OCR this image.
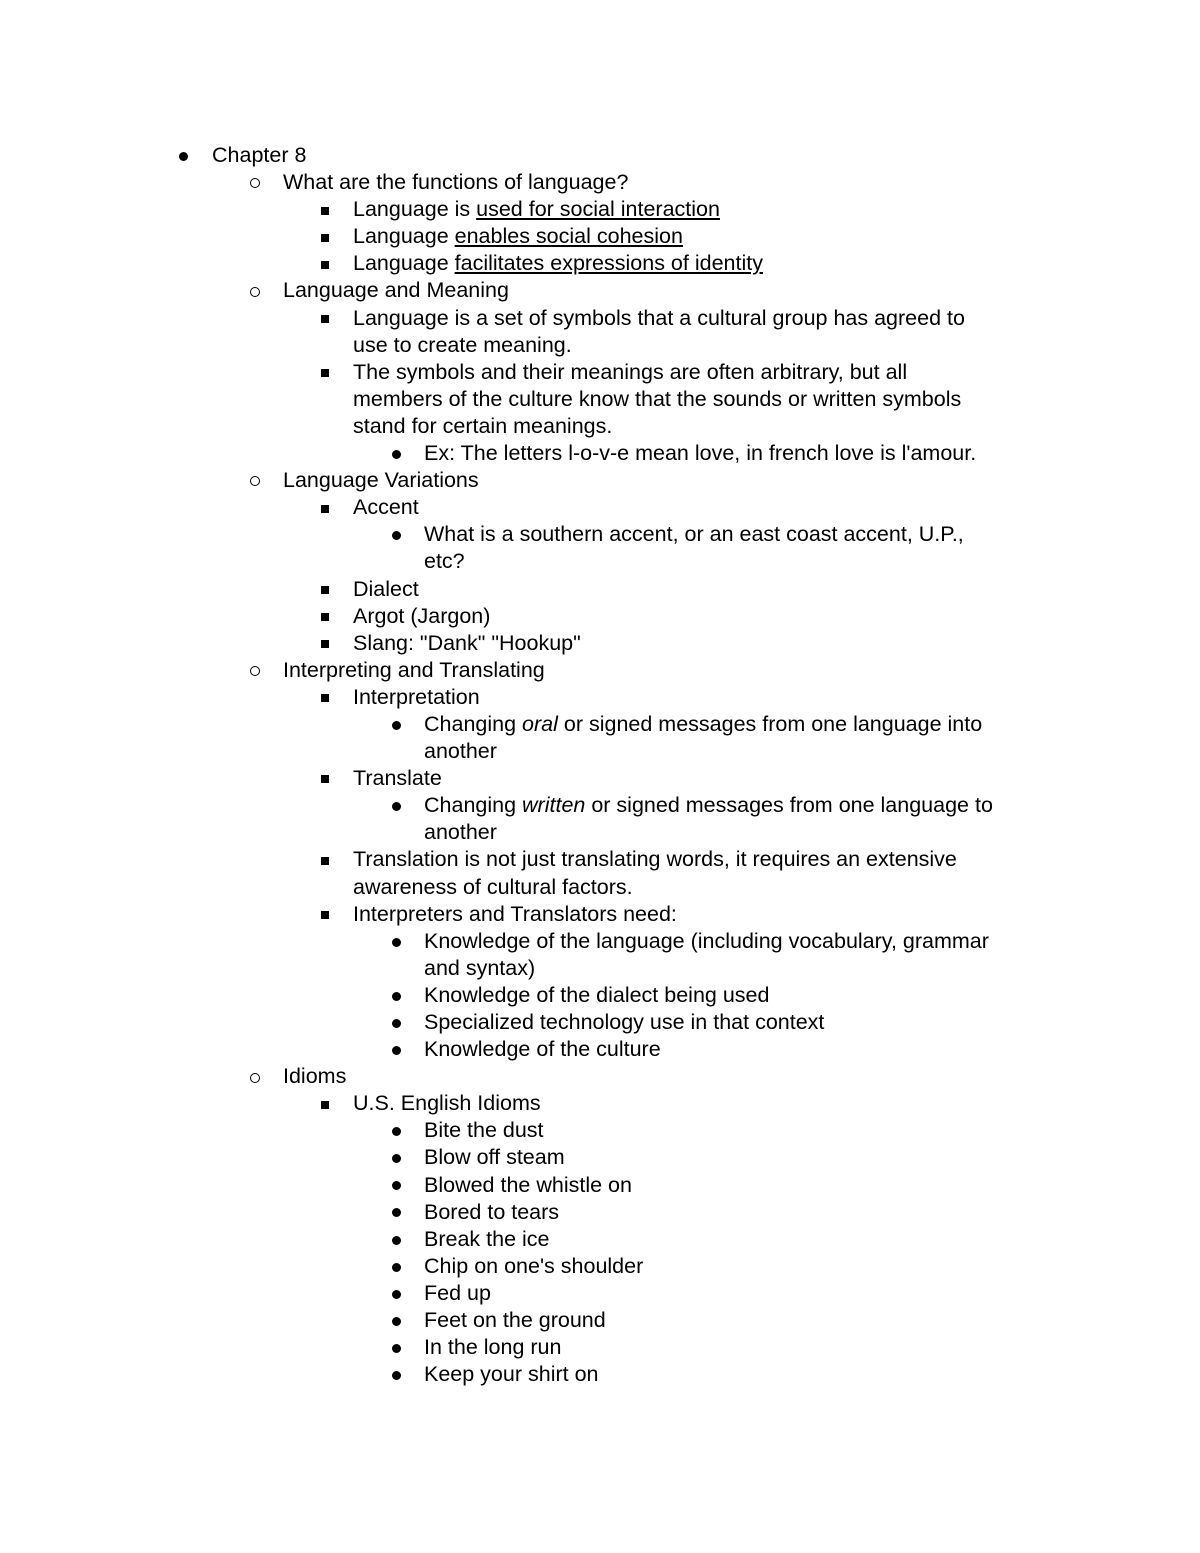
Chapter 8
What are the functions of language?
Language is used for social interaction
Language enables social cohesion
Language facilitates expressions of identity
Language and Meaning
Language is a set of symbols that a cultural group has agreed to
use to create meaning.
The symbols and their meanings are often arbitrary, but all
members of the culture know that the sounds or written symbols
stand for certain meanings.
Ex: The letters l-o-v-e mean love, in french love is l'amour.
Language Variations
Accent
What is a southern accent, or an east coast accent, U.P.,
etc?
Dialect
Argot (Jargon)
Slang: "Dank" "Hookup"
Interpreting and Translating
Interpretation
Changing oral or signed messages from one language into
another
Translate
Changing written or signed messages from one language to
another
Translation is not just translating words, it requires an extensive
awareness of cultural factors.
Interpreters and Translators need:
Knowledge of the language (including vocabulary, grammar
and syntax)
Knowledge of the dialect being used
Specialized technology use in that context
Knowledge of the culture
Idioms
U.S. English Idioms
Bite the dust
Blow off steam
Blowed the whistle on
Bored to tears
Break the ice
Chip on one's shoulder
Fed up
Feet on the ground
In the long run
Keep your shirt on
